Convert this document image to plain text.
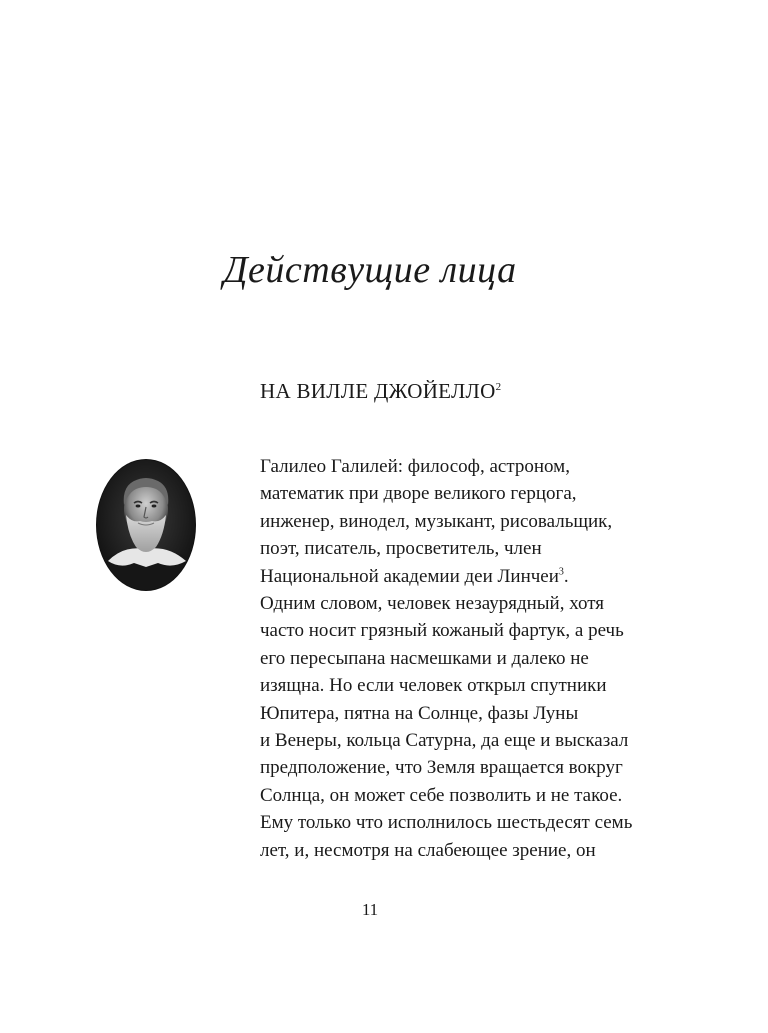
Действущие лица
НА ВИЛЛЕ ДЖОЙЕЛЛО$^2$

Галилео Галилей: философ, астроном,
математик при дворе великого герцога,
инженер, винодел, музыкант, рисовальщик,
поэт, писатель, просветитель, член
Национальной академии деи Линчеи$^3$.
Одним словом, человек незаурядный, хотя
часто носит грязный кожаный фартук, а речь
его пересыпана насмешками и далеко не
изящна. Но если человек открыл спутники
Юпитера, пятна на Солнце, фазы Луны
и Венеры, кольца Сатурна, да еще и высказал
предположение, что Земля вращается вокруг
Солнца, он может себе позволить и не такое.
Ему только что исполнилось шестьдесят семь
лет, и, несмотря на слабеющее зрение, он

11
